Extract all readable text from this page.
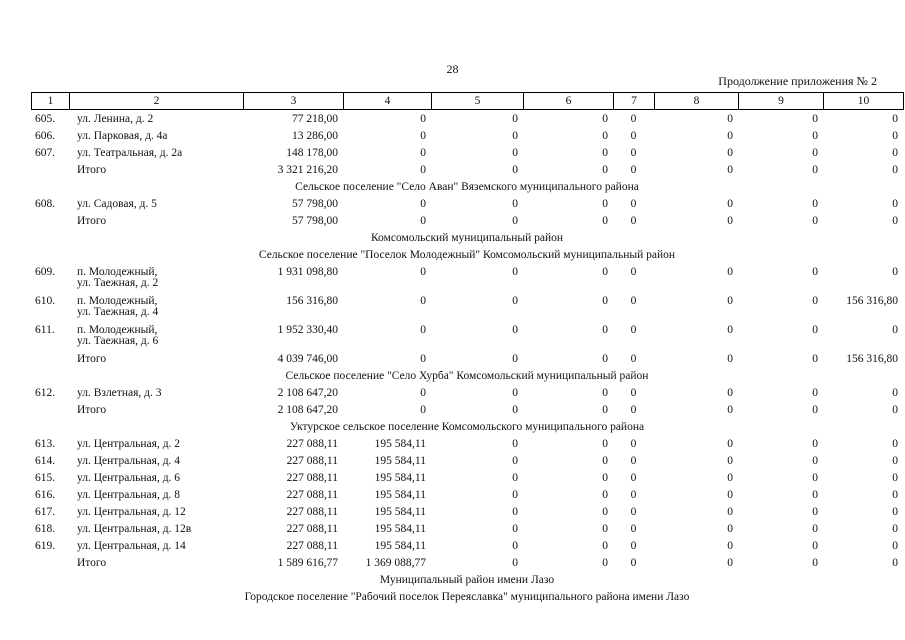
28
Продолжение приложения № 2
1	2	3	4	5	6	7	8	9	10
605.	ул. Ленина, д. 2	77 218,00	0	0	0	0	0	0	0
606.	ул. Парковая, д. 4а	13 286,00	0	0	0	0	0	0	0
607.	ул. Театральная, д. 2а	148 178,00	0	0	0	0	0	0	0
	Итого	3 321 216,20	0	0	0	0	0	0	0
Сельское поселение "Село Аван" Вяземского муниципального района									
608.	ул. Садовая, д. 5	57 798,00	0	0	0	0	0	0	0
	Итого	57 798,00	0	0	0	0	0	0	0
Комсомольский муниципальный район									
Сельское поселение "Поселок Молодежный" Комсомольский муниципальный район									
609.	п. Молодежный,
ул. Таежная, д. 2	1 931 098,80	0	0	0	0	0	0	0
610.	п. Молодежный,
ул. Таежная, д. 4	156 316,80	0	0	0	0	0	0	156 316,80
611.	п. Молодежный,
ул. Таежная, д. 6	1 952 330,40	0	0	0	0	0	0	0
	Итого	4 039 746,00	0	0	0	0	0	0	156 316,80
Сельское поселение "Село Хурба" Комсомольский муниципальный район									
612.	ул. Взлетная, д. 3	2 108 647,20	0	0	0	0	0	0	0
	Итого	2 108 647,20	0	0	0	0	0	0	0
Уктурское сельское поселение Комсомольского муниципального района									
613.	ул. Центральная, д. 2	227 088,11	195 584,11	0	0	0	0	0	0
614.	ул. Центральная, д. 4	227 088,11	195 584,11	0	0	0	0	0	0
615.	ул. Центральная, д. 6	227 088,11	195 584,11	0	0	0	0	0	0
616.	ул. Центральная, д. 8	227 088,11	195 584,11	0	0	0	0	0	0
617.	ул. Центральная, д. 12	227 088,11	195 584,11	0	0	0	0	0	0
618.	ул. Центральная, д. 12в	227 088,11	195 584,11	0	0	0	0	0	0
619.	ул. Центральная, д. 14	227 088,11	195 584,11	0	0	0	0	0	0
	Итого	1 589 616,77	1 369 088,77	0	0	0	0	0	0
Муниципальный район имени Лазо									
Городское поселение "Рабочий поселок Переяславка" муниципального района имени Лазо									
